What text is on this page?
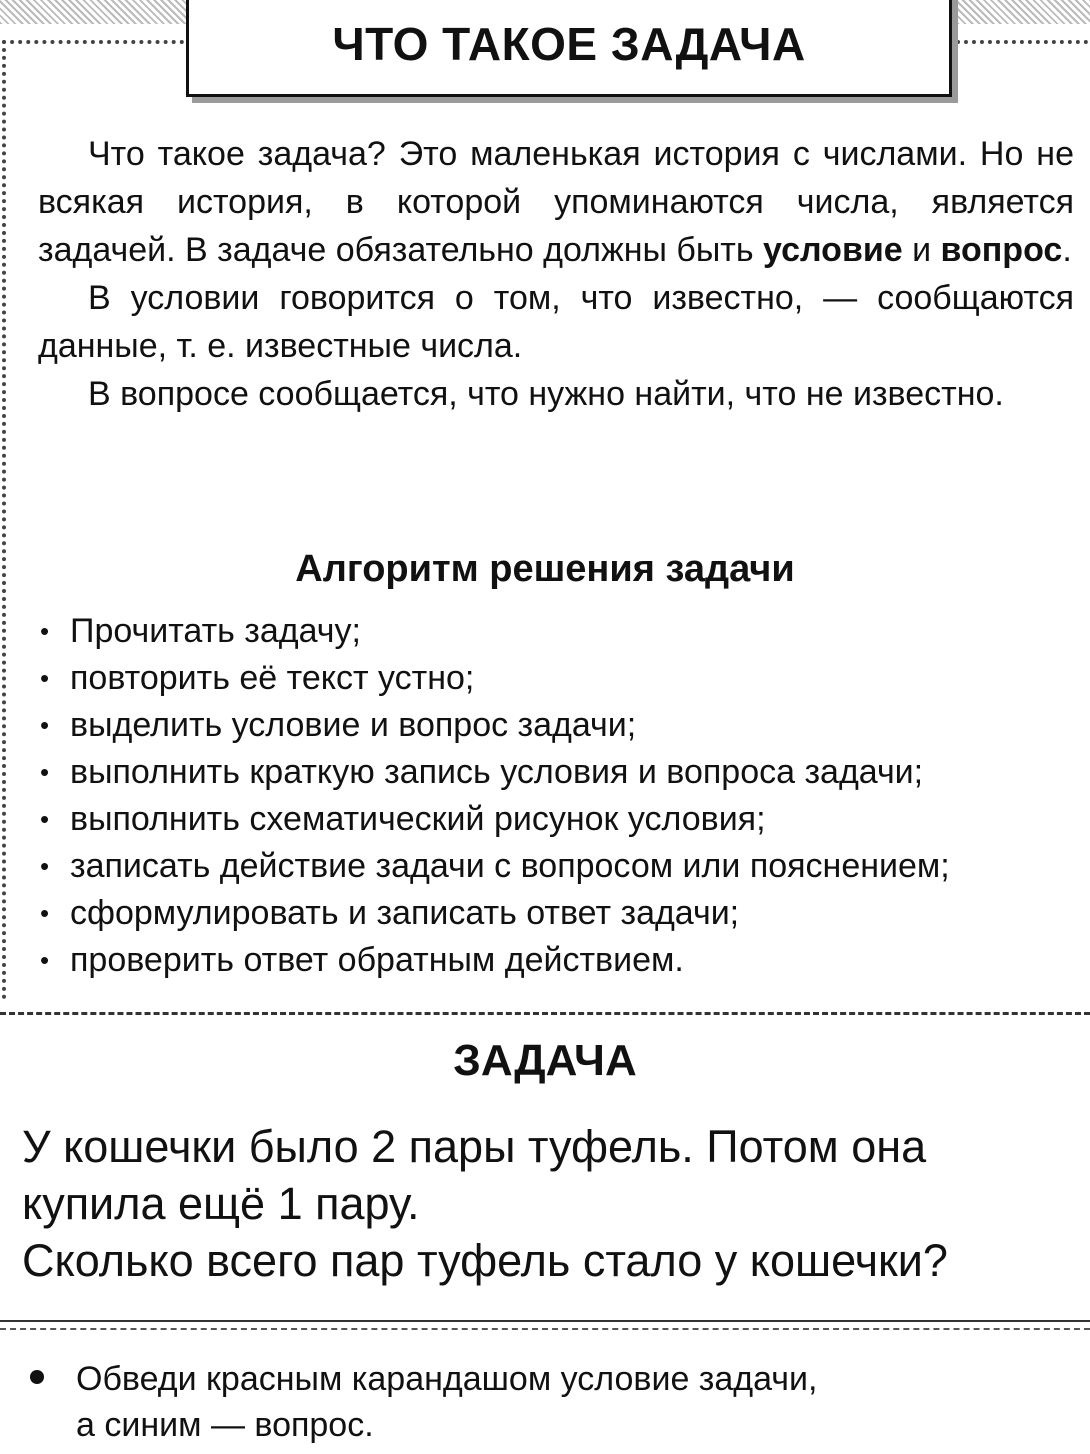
ЧТО ТАКОЕ ЗАДАЧА

Что такое задача? Это маленькая история с числами. Но не всякая история, в которой упоминаются числа, является задачей. В задаче обязательно должны быть условие и вопрос.

В условии говорится о том, что известно, — сообщаются данные, т. е. известные числа.

В вопросе сообщается, что нужно найти, что не известно.

Алгоритм решения задачи
• Прочитать задачу;
• повторить её текст устно;
• выделить условие и вопрос задачи;
• выполнить краткую запись условия и вопроса задачи;
• выполнить схематический рисунок условия;
• записать действие задачи с вопросом или пояснением;
• сформулировать и записать ответ задачи;
• проверить ответ обратным действием.
ЗАДАЧА

У кошечки было 2 пары туфель. Потом она купила ещё 1 пару.

Сколько всего пар туфель стало у кошечки?

Обведи красным карандашом условие задачи,
а синим — вопрос.
